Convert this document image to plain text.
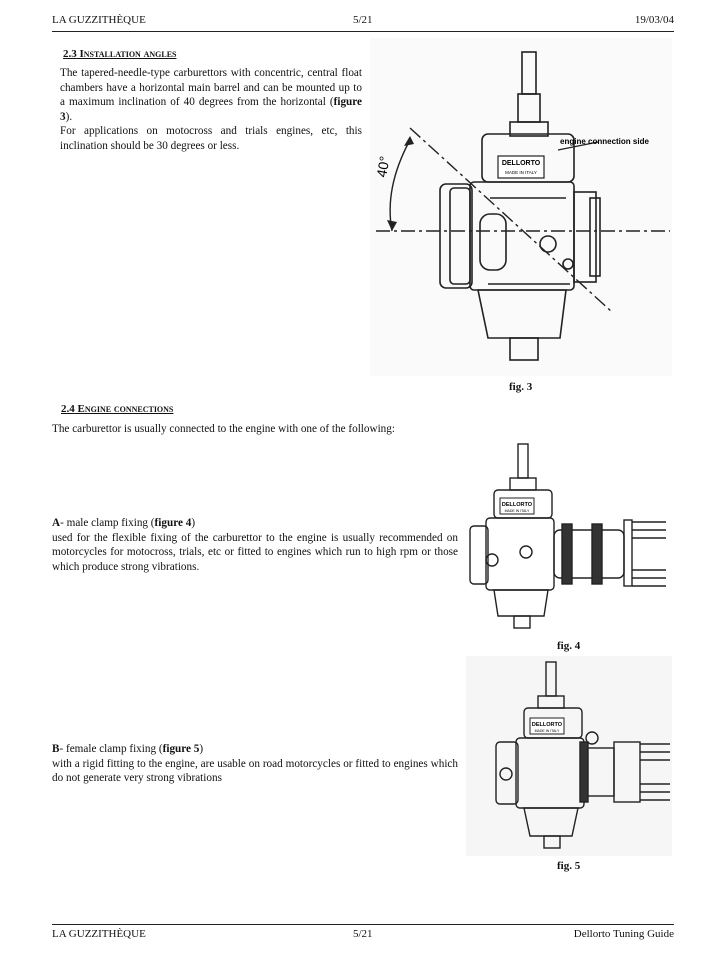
LA GUZZITHÈQUE	5/21	19/03/04
2.3 Installation angles
The tapered-needle-type carburettors with concentric, central float chambers have a horizontal main barrel and can be mounted up to a maximum inclination of 40 degrees from the horizontal (figure 3).
For applications on motocross and trials engines, etc, this inclination should be 30 degrees or less.
DELLORTO
MADE IN ITALY
40°
engine connection side
fig. 3
2.4 Engine connections
The carburettor is usually connected to the engine with one of the following:
A- male clamp fixing (figure 4)
used for the flexible fixing of the carburettor to the engine is usually recommended on motorcycles for motocross, trials, etc or fitted to engines which run to high rpm or those which produce strong vibrations.
DELLORTO
MADE IN ITALY
fig. 4
B- female clamp fixing (figure 5)
with a rigid fitting to the engine, are usable on road motorcycles or fitted to engines which do not generate very strong vibrations
DELLORTO
MADE IN ITALY
fig. 5
LA GUZZITHÈQUE	5/21	Dellorto Tuning Guide
